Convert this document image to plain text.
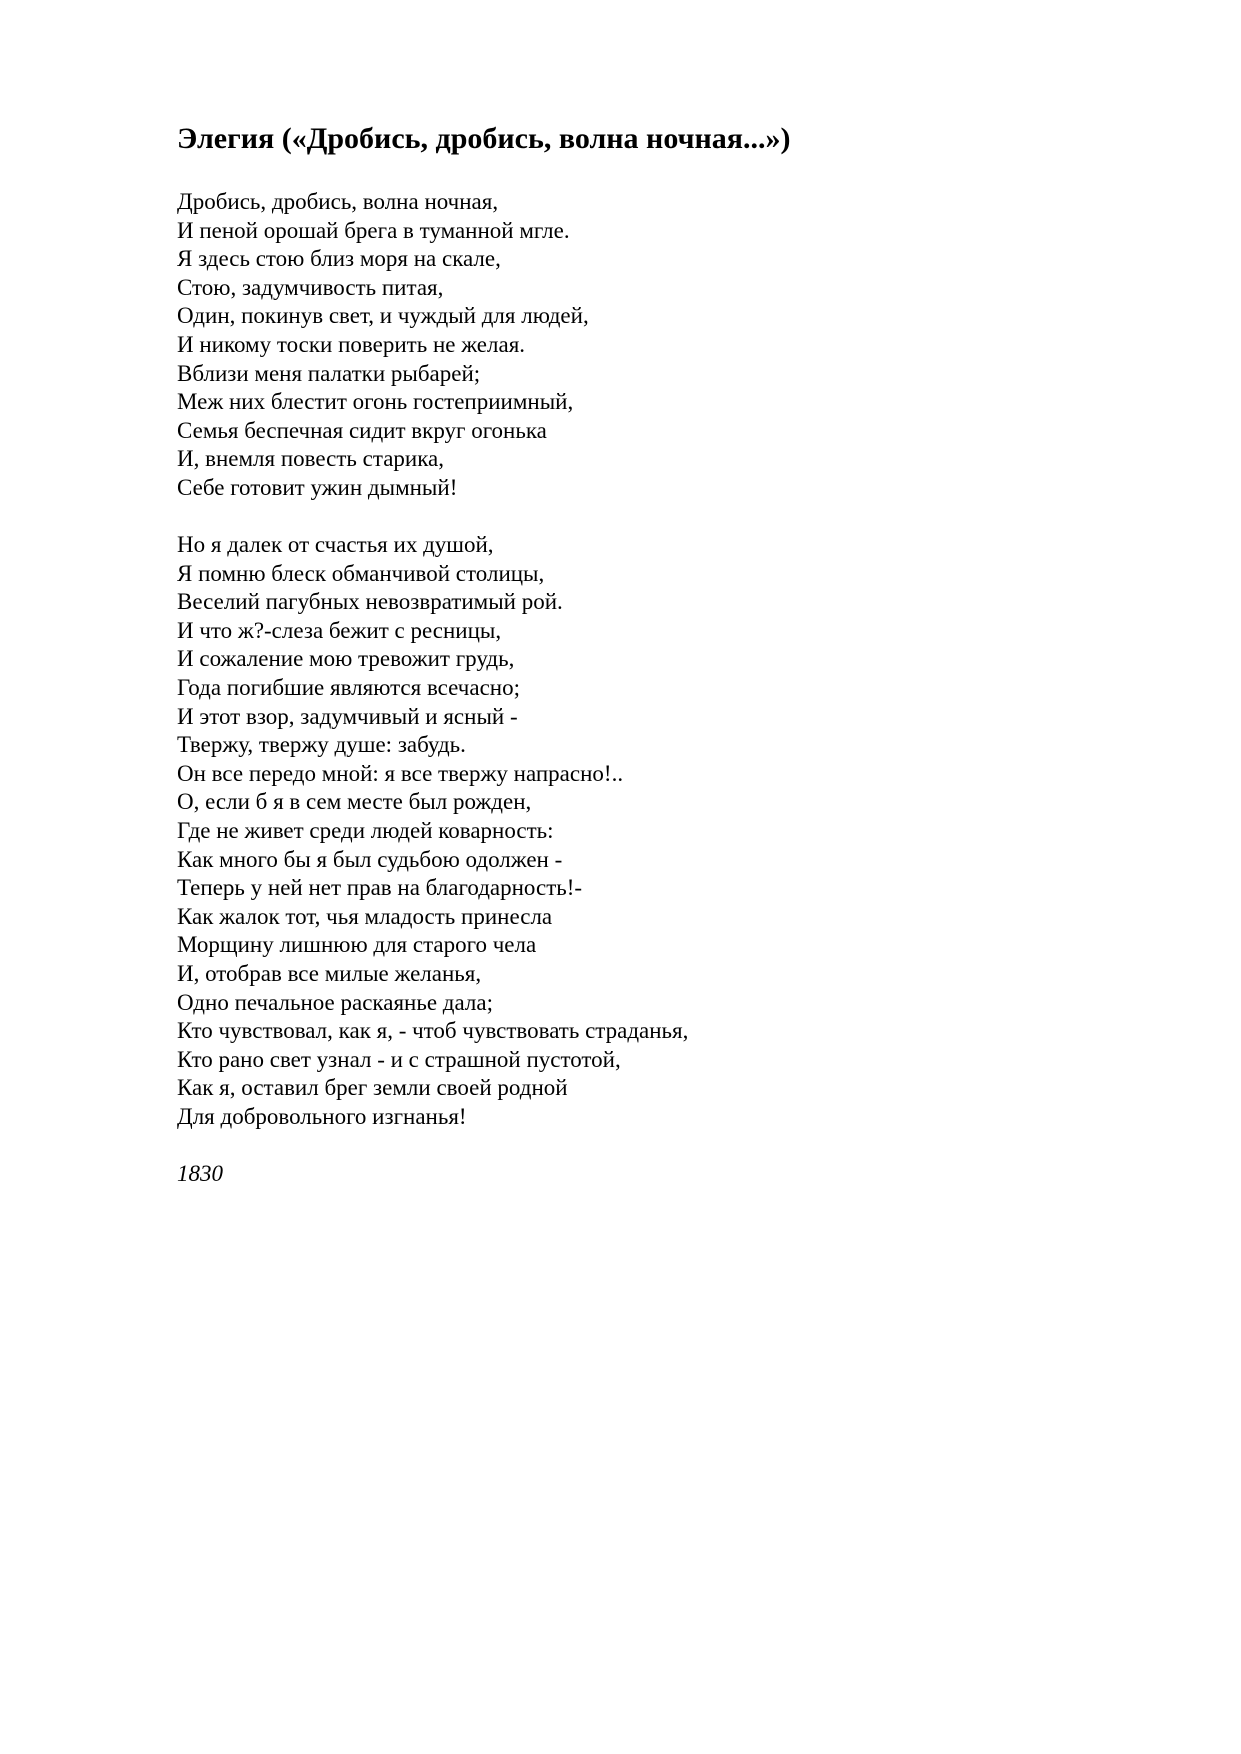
Элегия («Дробись, дробись, волна ночная...»)
Дробись, дробись, волна ночная,
И пеной орошай брега в туманной мгле.
Я здесь стою близ моря на скале,
Стою, задумчивость питая,
Один, покинув свет, и чуждый для людей,
И никому тоски поверить не желая.
Вблизи меня палатки рыбарей;
Меж них блестит огонь гостеприимный,
Семья беспечная сидит вкруг огонька
И, внемля повесть старика,
Себе готовит ужин дымный!
Но я далек от счастья их душой,
Я помню блеск обманчивой столицы,
Веселий пагубных невозвратимый рой.
И что ж?-слеза бежит с ресницы,
И сожаление мою тревожит грудь,
Года погибшие являются всечасно;
И этот взор, задумчивый и ясный -
Твержу, твержу душе: забудь.
Он все передо мной: я все твержу напрасно!..
О, если б я в сем месте был рожден,
Где не живет среди людей коварность:
Как много бы я был судьбою одолжен -
Теперь у ней нет прав на благодарность!-
Как жалок тот, чья младость принесла
Морщину лишнюю для старого чела
И, отобрав все милые желанья,
Одно печальное раскаянье дала;
Кто чувствовал, как я, - чтоб чувствовать страданья,
Кто рано свет узнал - и с страшной пустотой,
Как я, оставил брег земли своей родной
Для добровольного изгнанья!

1830
